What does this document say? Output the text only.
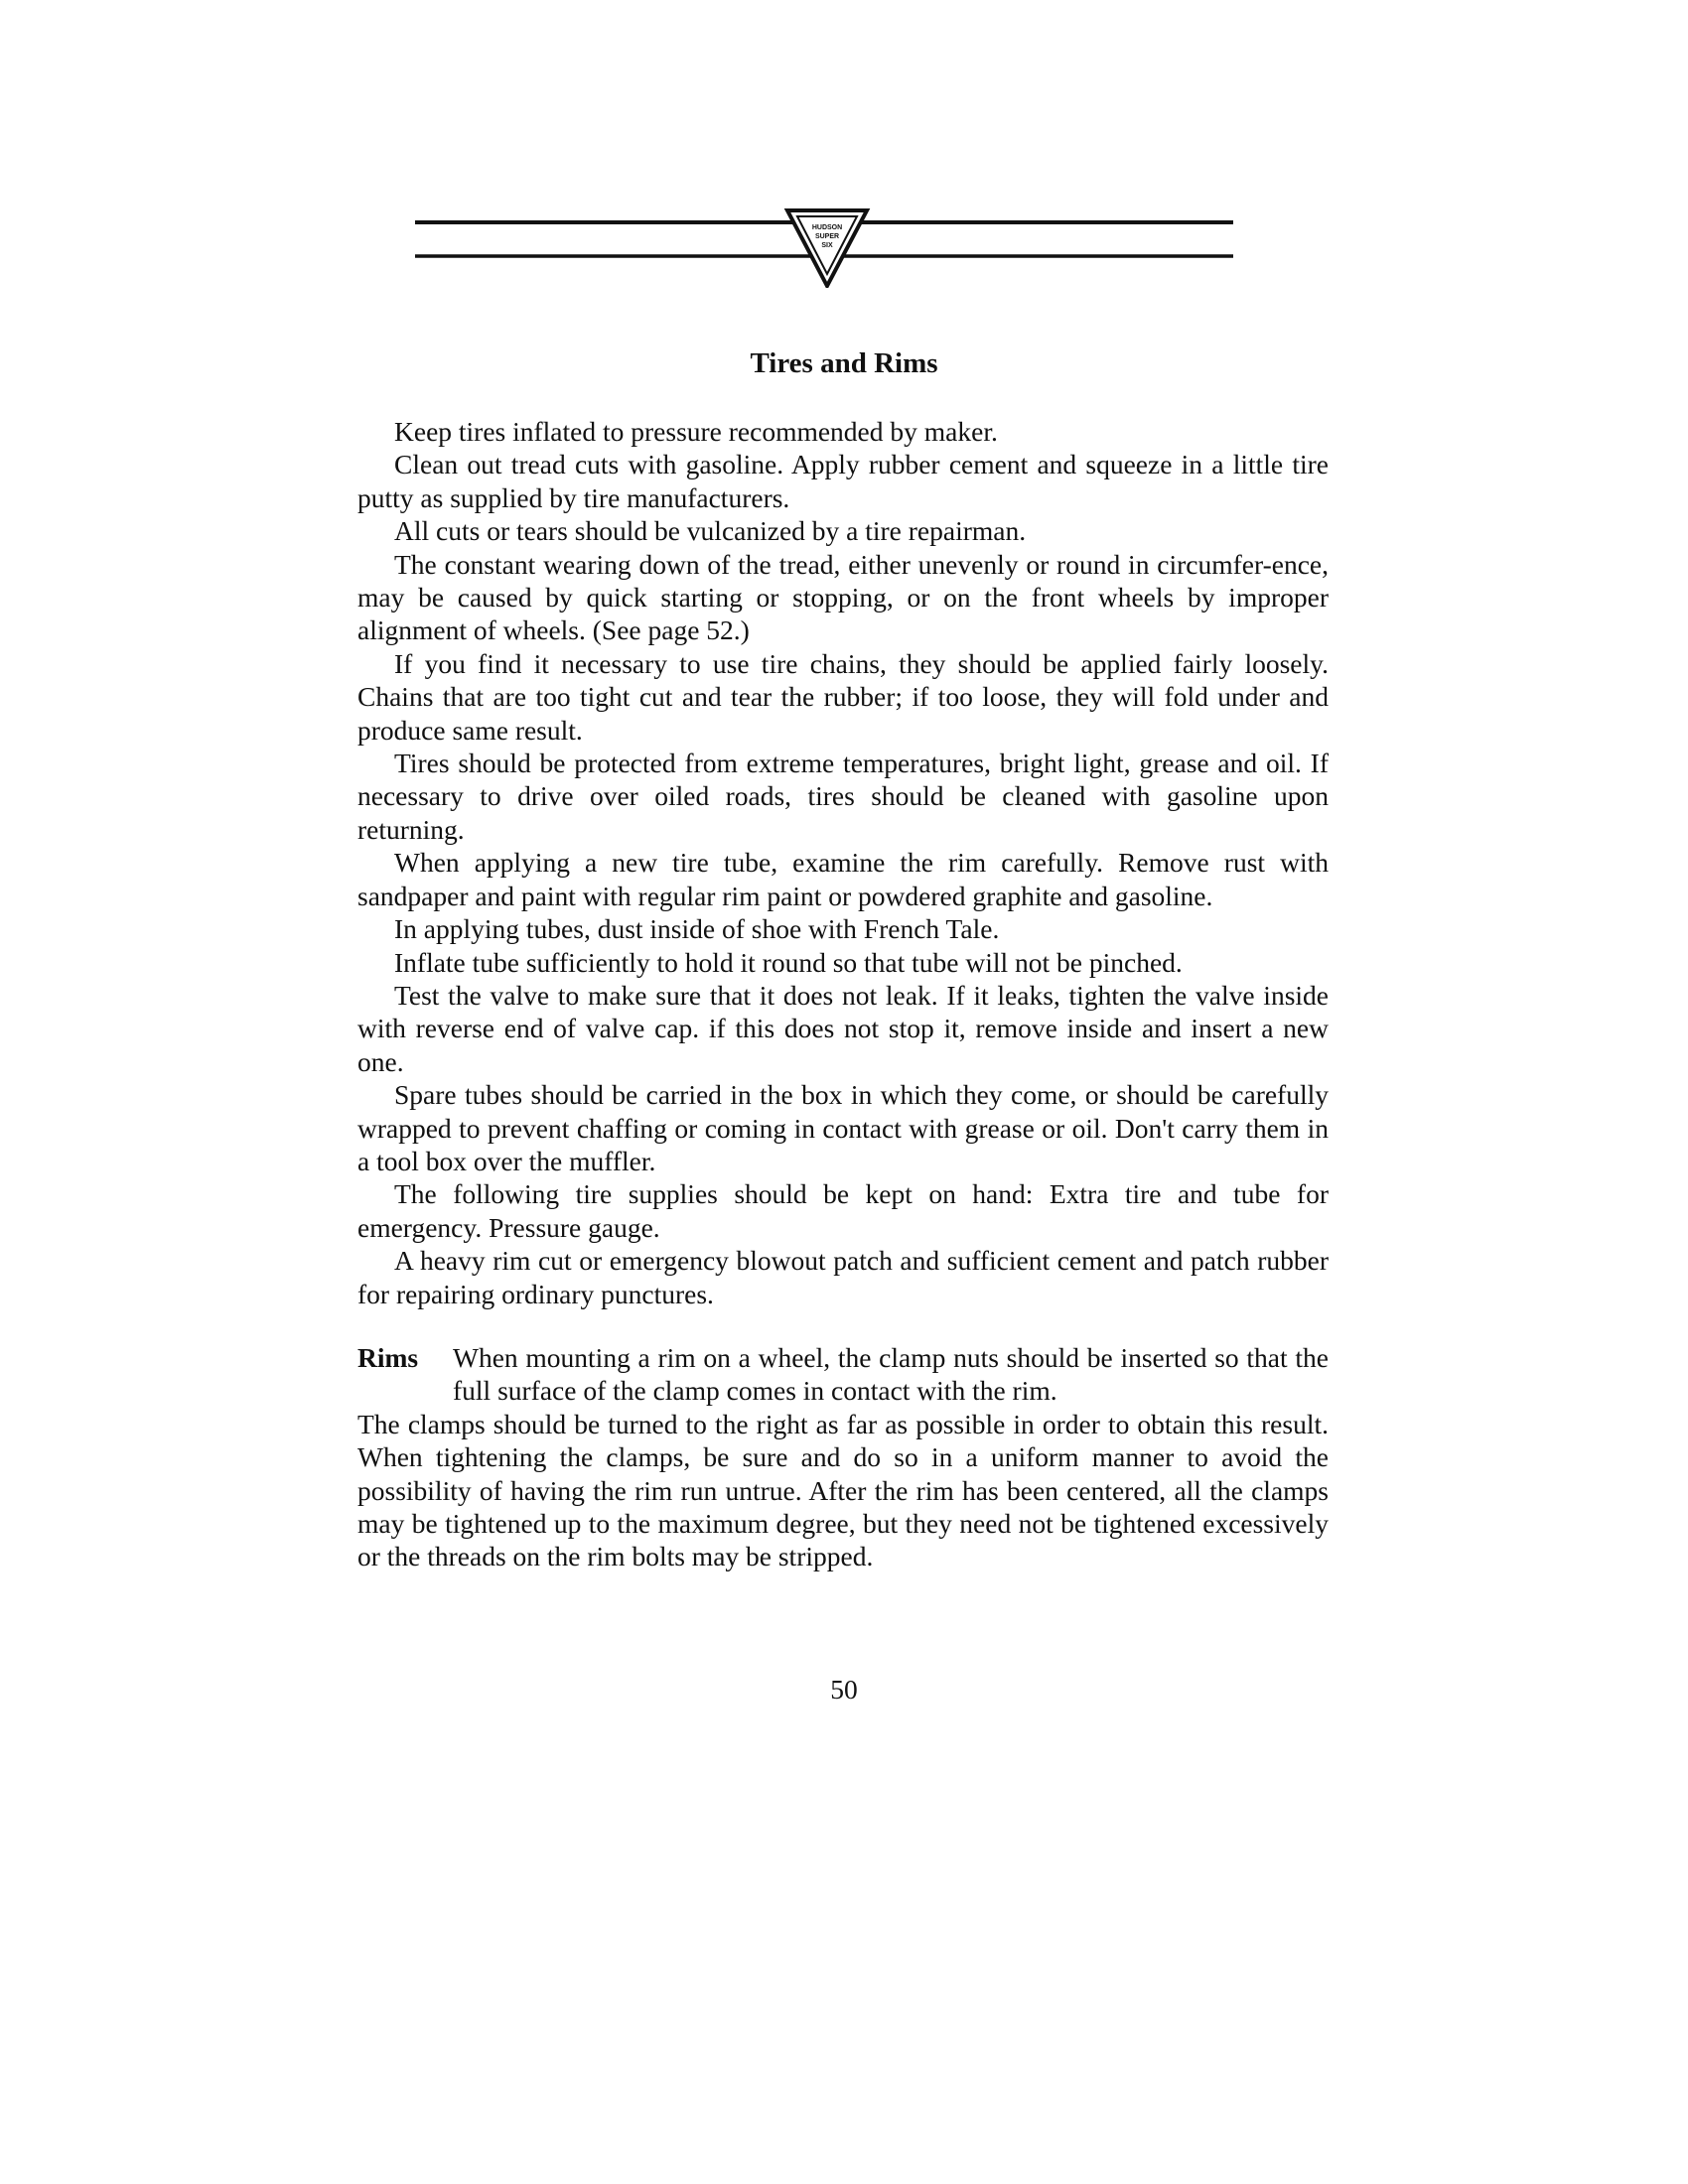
HUDSON
SUPER
SIX
Tires and Rims

Keep tires inflated to pressure recommended by maker.

Clean out tread cuts with gasoline. Apply rubber cement and squeeze in a little tire putty as supplied by tire manufacturers.

All cuts or tears should be vulcanized by a tire repairman.

The constant wearing down of the tread, either unevenly or round in circumfer-ence, may be caused by quick starting or stopping, or on the front wheels by improper alignment of wheels. (See page 52.)

If you find it necessary to use tire chains, they should be applied fairly loosely. Chains that are too tight cut and tear the rubber; if too loose, they will fold under and produce same result.

Tires should be protected from extreme temperatures, bright light, grease and oil. If necessary to drive over oiled roads, tires should be cleaned with gasoline upon returning.

When applying a new tire tube, examine the rim carefully. Remove rust with sandpaper and paint with regular rim paint or powdered graphite and gasoline.

In applying tubes, dust inside of shoe with French Tale.

Inflate tube sufficiently to hold it round so that tube will not be pinched.

Test the valve to make sure that it does not leak. If it leaks, tighten the valve inside with reverse end of valve cap. if this does not stop it, remove inside and insert a new one.

Spare tubes should be carried in the box in which they come, or should be carefully wrapped to prevent chaffing or coming in contact with grease or oil. Don't carry them in a tool box over the muffler.

The following tire supplies should be kept on hand: Extra tire and tube for emergency. Pressure gauge.

A heavy rim cut or emergency blowout patch and sufficient cement and patch rubber for repairing ordinary punctures.

Rims	When mounting a rim on a wheel, the clamp nuts should be inserted so that the full surface of the clamp comes in contact with the rim.

The clamps should be turned to the right as far as possible in order to obtain this result. When tightening the clamps, be sure and do so in a uniform manner to avoid the possibility of having the rim run untrue. After the rim has been centered, all the clamps may be tightened up to the maximum degree, but they need not be tightened excessively or the threads on the rim bolts may be stripped.

50
